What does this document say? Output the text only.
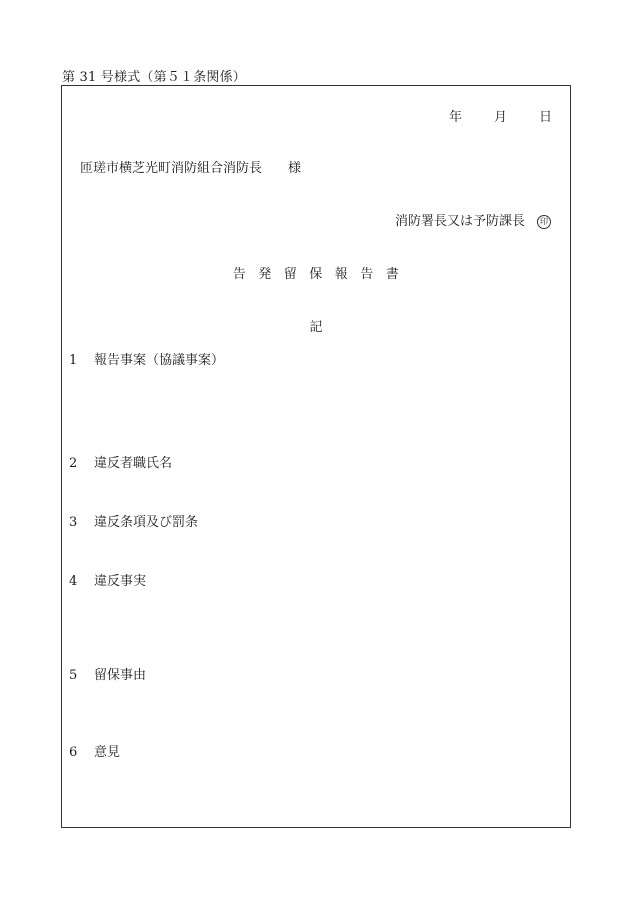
第 31 号様式（第５１条関係）
年 月 日
匝瑳市横芝光町消防組合消防長 様
消防署長又は予防課長 印
告発留保報告書
記
1 報告事案（協議事案）
2 違反者職氏名
3 違反条項及び罰条
4 違反事実
5 留保事由
6 意見
